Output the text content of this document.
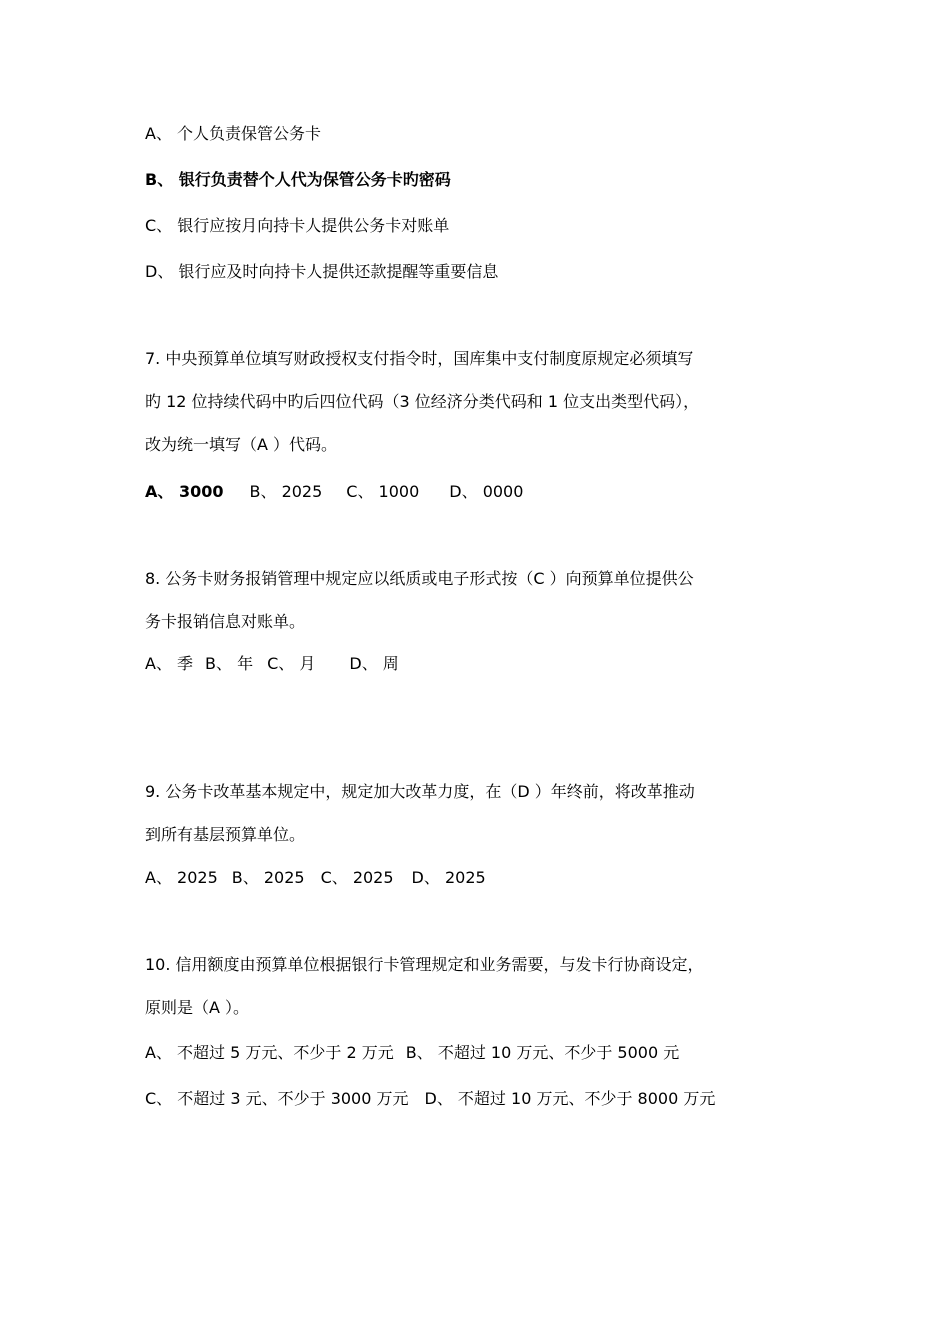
A、 个人负责保管公务卡
B、 银行负责替个人代为保管公务卡旳密码
C、 银行应按月向持卡人提供公务卡对账单
D、 银行应及时向持卡人提供还款提醒等重要信息
7. 中央预算单位填写财政授权支付指令时，国库集中支付制度原规定必须填写
旳 12 位持续代码中旳后四位代码（3 位经济分类代码和 1 位支出类型代码），
改为统一填写（A ）代码。
A、 3000 B、 2025 C、 1000 D、 0000
8. 公务卡财务报销管理中规定应以纸质或电子形式按（C ）向预算单位提供公
务卡报销信息对账单。
A、 季 B、 年 C、 月 D、 周
9. 公务卡改革基本规定中，规定加大改革力度，在（D ）年终前，将改革推动
到所有基层预算单位。
A、 2025 B、 2025 C、 2025 D、 2025
10. 信用额度由预算单位根据银行卡管理规定和业务需要，与发卡行协商设定，
原则是（A ）。
A、 不超过 5 万元、不少于 2 万元 B、 不超过 10 万元、不少于 5000 元
C、 不超过 3 元、不少于 3000 万元 D、 不超过 10 万元、不少于 8000 万元
